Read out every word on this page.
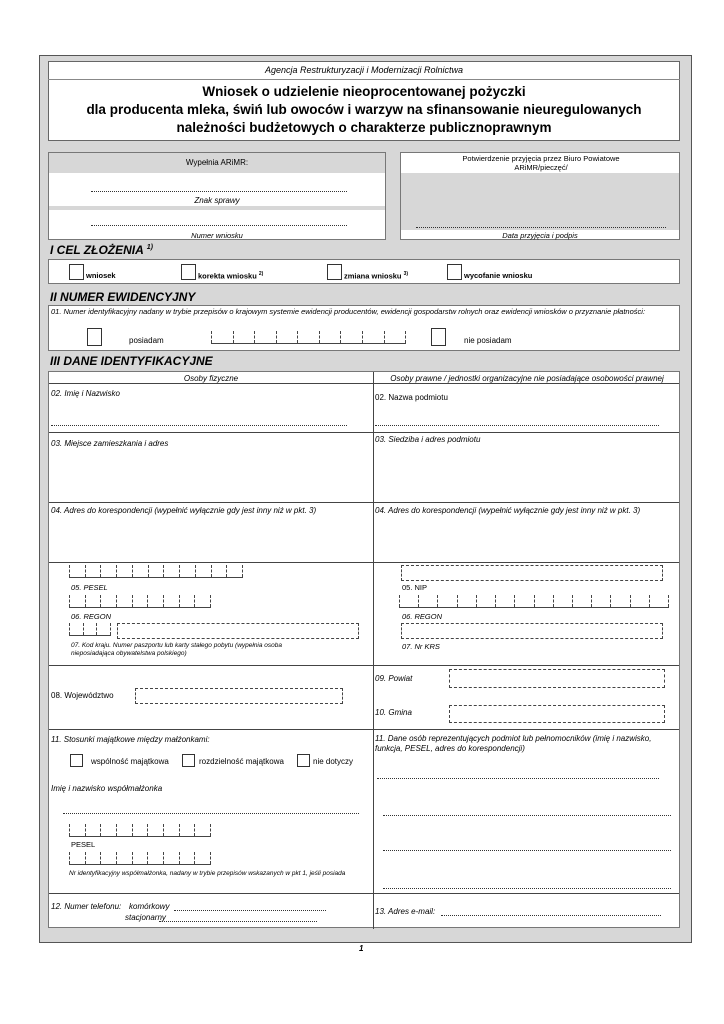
Agencja Restrukturyzacji i Modernizacji Rolnictwa
Wniosek o udzielenie nieoprocentowanej pożyczki
dla producenta mleka, świń lub owoców i warzyw na sfinansowanie nieuregulowanych
należności budżetowych o charakterze publicznoprawnym
Wypełnia ARiMR:
Znak sprawy
Numer wniosku
Potwierdzenie przyjęcia przez Biuro Powiatowe ARiMR/pieczęć/
Data przyjęcia i podpis
I CEL ZŁOŻENIA $^{1)}$
wniosek	korekta wniosku $^{2)}$	zmiana wniosku $^{3)}$	wycofanie wniosku
II NUMER EWIDENCYJNY
01. Numer identyfikacyjny nadany w trybie przepisów o krajowym systemie ewidencji producentów, ewidencji gospodarstw rolnych oraz ewidencji wniosków o przyznanie płatności:
posiadam	nie posiadam
III DANE IDENTYFIKACYJNE
Osoby fizyczne	Osoby prawne / jednostki organizacyjne nie posiadające osobowości prawnej
02. Imię i Nazwisko	02. Nazwa podmiotu
03. Miejsce zamieszkania i adres	03. Siedziba i adres podmiotu
04. Adres do korespondencji (wypełnić wyłącznie gdy jest inny niż w pkt. 3)	04. Adres do korespondencji (wypełnić wyłącznie gdy jest inny niż w pkt. 3)
05. PESEL
06. REGON
07. Kod kraju. Numer paszportu lub karty stałego pobytu (wypełnia osoba nieposiadająca obywatelstwa polskiego)
05. NIP
06. REGON
07. Nr KRS
08. Województwo
09. Powiat
10. Gmina
11. Stosunki majątkowe między małżonkami:
wspólność majątkowa	rozdzielność majątkowa	nie dotyczy
Imię i nazwisko współmałżonka
PESEL
Nr identyfikacyjny współmałżonka, nadany w trybie przepisów wskazanych w pkt 1, jeśli posiada
11. Dane osób reprezentujących podmiot lub pełnomocników (imię i nazwisko, funkcja, PESEL, adres do korespondencji)
12. Numer telefonu: komórkowy
stacjonarny
13. Adres e-mail:
1
